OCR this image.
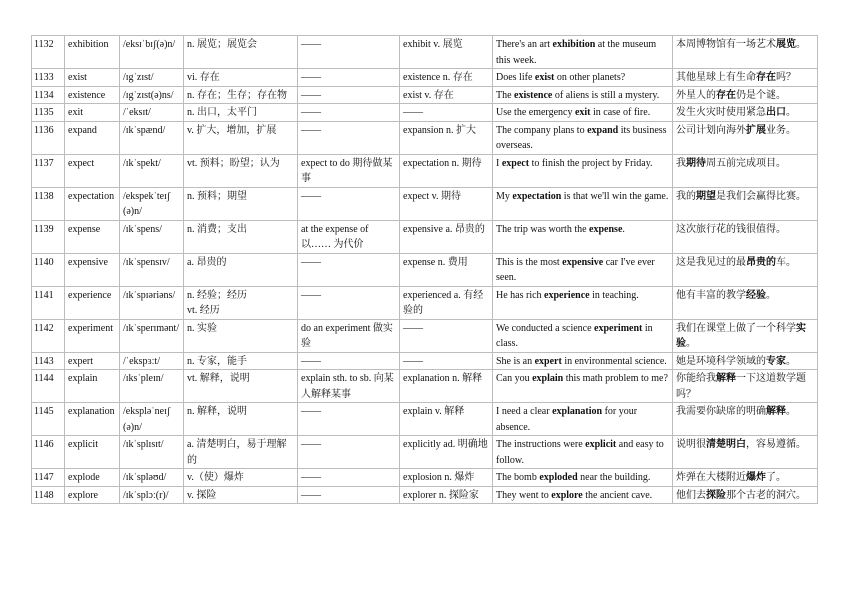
1132	exhibition	/eksɪˈbɪʃ(ə)n/	n. 展览；展览会	——	exhibit v. 展览	There's an art exhibition at the museum this week.	本周博物馆有一场艺术展览。
1133	exist	/ɪgˈzɪst/	vi. 存在	——	existence n. 存在	Does life exist on other planets?	其他星球上有生命存在吗？
1134	existence	/ɪgˈzɪst(ə)ns/	n. 存在；生存；存在物	——	exist v. 存在	The existence of aliens is still a mystery.	外星人的存在仍是个谜。
1135	exit	/ˈeksɪt/	n. 出口，太平门	——	——	Use the emergency exit in case of fire.	发生火灾时使用紧急出口。
1136	expand	/ɪkˈspænd/	v. 扩大，增加，扩展	——	expansion n. 扩大	The company plans to expand its business overseas.	公司计划向海外扩展业务。
1137	expect	/ɪkˈspekt/	vt. 预料；盼望；认为	expect to do 期待做某事	expectation n. 期待	I expect to finish the project by Friday.	我期待周五前完成项目。
1138	expectation	/ekspekˈteɪʃ(ə)n/	n. 预料；期望	——	expect v. 期待	My expectation is that we'll win the game.	我的期望是我们会赢得比赛。
1139	expense	/ɪkˈspens/	n. 消费；支出	at the expense of 以…… 为代价	expensive a. 昂贵的	The trip was worth the expense.	这次旅行花的钱很值得。
1140	expensive	/ɪkˈspensɪv/	a. 昂贵的	——	expense n. 费用	This is the most expensive car I've ever seen.	这是我见过的最昂贵的车。
1141	experience	/ɪkˈspɪəriəns/	n. 经验；经历
vt. 经历	——	experienced a. 有经验的	He has rich experience in teaching.	他有丰富的教学经验。
1142	experiment	/ɪkˈsperɪmənt/	n. 实验	do an experiment 做实验	——	We conducted a science experiment in class.	我们在课堂上做了一个科学实验。
1143	expert	/ˈekspɜːt/	n. 专家，能手	——	——	She is an expert in environmental science.	她是环境科学领域的专家。
1144	explain	/ɪksˈpleɪn/	vt. 解释，说明	explain sth. to sb. 向某人解释某事	explanation n. 解释	Can you explain this math problem to me?	你能给我解释一下这道数学题吗？
1145	explanation	/ekspləˈneɪʃ(ə)n/	n. 解释，说明	——	explain v. 解释	I need a clear explanation for your absence.	我需要你缺席的明确解释。
1146	explicit	/ɪkˈsplɪsɪt/	a. 清楚明白，易于理解的	——	explicitly ad. 明确地	The instructions were explicit and easy to follow.	说明很清楚明白，容易遵循。
1147	explode	/ɪkˈspləʊd/	v.（使）爆炸	——	explosion n. 爆炸	The bomb exploded near the building.	炸弹在大楼附近爆炸了。
1148	explore	/ɪkˈsplɔː(r)/	v. 探险	——	explorer n. 探险家	They went to explore the ancient cave.	他们去探险那个古老的洞穴。
